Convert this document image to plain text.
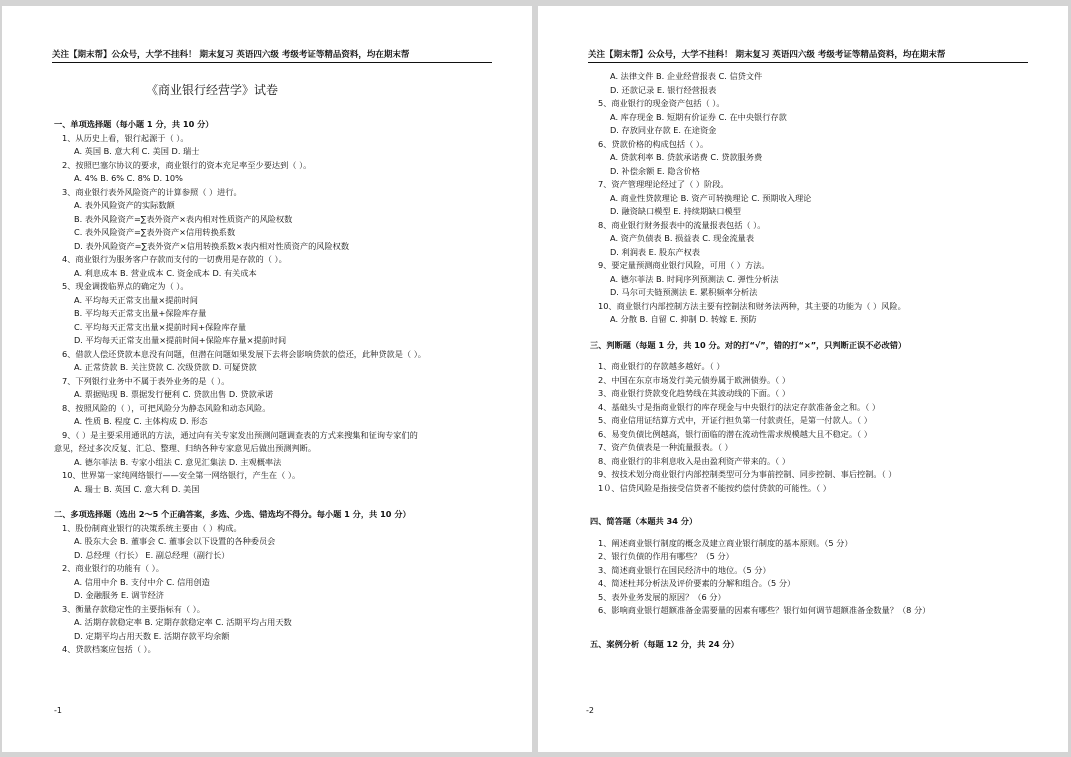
关注【期末帮】公众号，大学不挂科！ 期末复习 英语四六级 考级考证等精品资料，均在期末帮
《商业银行经营学》试卷
一、单项选择题（每小题 1 分，共 10 分）
1、从历史上看，银行起源于（ ）。
A. 英国 B. 意大利 C. 美国 D. 瑞士
2、按照巴塞尔协议的要求，商业银行的资本充足率至少要达到（ ）。
A. 4% B. 6% C. 8% D. 10%
3、商业银行表外风险资产的计算参照（ ）进行。
A. 表外风险资产的实际数额
B. 表外风险资产=∑表外资产×表内相对性质资产的风险权数
C. 表外风险资产=∑表外资产×信用转换系数
D. 表外风险资产=∑表外资产×信用转换系数×表内相对性质资产的风险权数
4、商业银行为服务客户存款而支付的一切费用是存款的（ ）。
A. 利息成本 B. 营业成本 C. 资金成本 D. 有关成本
5、现金调拨临界点的确定为（ ）。
A. 平均每天正常支出量×提前时间
B. 平均每天正常支出量+保险库存量
C. 平均每天正常支出量×提前时间+保险库存量
D. 平均每天正常支出量×提前时间+保险库存量×提前时间
6、借款人偿还贷款本息没有问题，但潜在问题如果发展下去将会影响贷款的偿还，此种贷款是（ ）。
A. 正常贷款 B. 关注贷款 C. 次级贷款 D. 可疑贷款
7、下列银行业务中不属于表外业务的是（ ）。
A. 票据贴现 B. 票据发行便利 C. 贷款出售 D. 贷款承诺
8、按照风险的（ ），可把风险分为静态风险和动态风险。
A. 性质 B. 程度 C. 主体构成 D. 形态
9、（ ）是主要采用通讯的方法，通过向有关专家发出预测问题调查表的方式来搜集和征询专家们的
意见，经过多次反复、汇总、整理、归纳各种专家意见后做出预测判断。
A. 德尔菲法 B. 专家小组法 C. 意见汇集法 D. 主观概率法
10、世界第一家纯网络银行——安全第一网络银行，产生在（ ）。
A. 瑞士 B. 英国 C. 意大利 D. 美国
二、多项选择题（选出 2～5 个正确答案，多选、少选、错选均不得分。每小题 1 分，共 10 分）
1、股份制商业银行的决策系统主要由（ ）构成。
A. 股东大会 B. 董事会 C. 董事会以下设置的各种委员会
D. 总经理（行长） E. 副总经理（副行长）
2、商业银行的功能有（ ）。
A. 信用中介 B. 支付中介 C. 信用创造
D. 金融服务 E. 调节经济
3、衡量存款稳定性的主要指标有（ ）。
A. 活期存款稳定率 B. 定期存款稳定率 C. 活期平均占用天数
D. 定期平均占用天数 E. 活期存款平均余额
4、贷款档案应包括（ ）。
-1
关注【期末帮】公众号，大学不挂科！ 期末复习 英语四六级 考级考证等精品资料，均在期末帮
A. 法律文件 B. 企业经营报表 C. 信贷文件
D. 还款记录 E. 银行经营报表
5、商业银行的现金资产包括（ ）。
A. 库存现金 B. 短期有价证券 C. 在中央银行存款
D. 存放同业存款 E. 在途资金
6、贷款价格的构成包括（ ）。
A. 贷款利率 B. 贷款承诺费 C. 贷款服务费
D. 补偿余额 E. 隐含价格
7、资产管理理论经过了（ ）阶段。
A. 商业性贷款理论 B. 资产可转换理论 C. 预期收入理论
D. 融资缺口模型 E. 持续期缺口模型
8、商业银行财务报表中的流量报表包括（ ）。
A. 资产负债表 B. 损益表 C. 现金流量表
D. 利润表 E. 股东产权表
9、要定量预测商业银行风险，可用（ ）方法。
A. 德尔菲法 B. 时间序列预测法 C. 弹性分析法
D. 马尔可夫链预测法 E. 累积频率分析法
10、商业银行内部控制方法主要有控制法和财务法两种，其主要的功能为（ ）风险。
A. 分散 B. 自留 C. 抑制 D. 转嫁 E. 预防
三、判断题（每题 1 分，共 10 分。对的打“√”，错的打“×”，只判断正误不必改错）
1、商业银行的存款越多越好。（ ）
2、中国在东京市场发行美元债券属于欧洲债券。（ ）
3、商业银行贷款变化趋势线在其波动线的下面。（ ）
4、基础头寸是指商业银行的库存现金与中央银行的法定存款准备金之和。（ ）
5、商业信用证结算方式中，开证行担负第一付款责任，是第一付款人。（ ）
6、易变负债比例越高，银行面临的潜在流动性需求规模越大且不稳定。（ ）
7、资产负债表是一种流量报表。（ ）
8、商业银行的非利息收入是由盈利资产带来的。（ ）
9、按技术划分商业银行内部控制类型可分为事前控制、同步控制、事后控制。（ ）
1０、信贷风险是指接受信贷者不能按约偿付贷款的可能性。（ ）
四、简答题（本题共 34 分）
1、阐述商业银行制度的概念及建立商业银行制度的基本原则。（5 分）
2、银行负债的作用有哪些？（5 分）
3、简述商业银行在国民经济中的地位。（5 分）
4、简述杜邦分析法及评价要素的分解和组合。（5 分）
5、表外业务发展的原因？（6 分）
6、影响商业银行超额准备金需要量的因素有哪些？银行如何调节超额准备金数量？（8 分）
五、案例分析（每题 12 分，共 24 分）
-2
